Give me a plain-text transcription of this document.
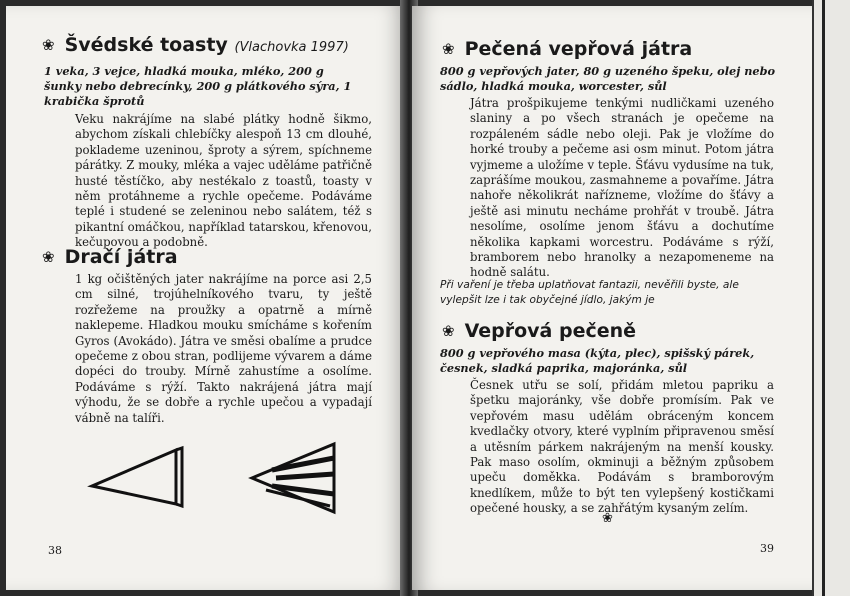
❀ Švédské toasty (Vlachovka 1997)
1 veka, 3 vejce, hladká mouka, mléko, 200 g šunky nebo debrecínky, 200 g plátkového sýra, 1 krabička šprotů
Veku nakrájíme na slabé plátky hodně šikmo, abychom získali chlebíčky alespoň 13 cm dlouhé, poklademe uzeninou, šproty a sýrem, spíchneme párátky. Z mouky, mléka a vajec uděláme patřičně husté těstíčko, aby nestékalo z toastů, toasty v něm protáhneme a rychle opečeme. Podáváme teplé i studené se zeleninou nebo salátem, též s pikantní omáčkou, například tatarskou, křenovou, kečupovou a podobně.
❀ Dračí játra
1 kg očištěných jater nakrájíme na porce asi 2,5 cm silné, trojúhelníkového tvaru, ty ještě rozřežeme na proužky a opatrně a mírně naklepeme. Hladkou mouku smícháme s kořením Gyros (Avokádo). Játra ve směsi obalíme a prudce opečeme z obou stran, podlijeme vývarem a dáme dopéci do trouby. Mírně zahustíme a osolíme. Podáváme s rýží. Takto nakrájená játra mají výhodu, že se dobře a rychle upečou a vypadají vábně na talíři.
38
❀ Pečená vepřová játra
800 g vepřových jater, 80 g uzeného špeku, olej nebo sádlo, hladká mouka, worcester, sůl
Játra prošpikujeme tenkými nudličkami uzeného slaniny a po všech stranách je opečeme na rozpáleném sádle nebo oleji. Pak je vložíme do horké trouby a pečeme asi osm minut. Potom játra vyjmeme a uložíme v teple. Šťávu vydusíme na tuk, zaprášíme moukou, zasmahneme a povaříme. Játra nahoře několikrát nařízneme, vložíme do šťávy a ještě asi minutu necháme prohřát v troubě. Játra nesolíme, osolíme jenom šťávu a dochutíme několika kapkami worcestru. Podáváme s rýží, bramborem nebo hranolky a nezapomeneme na hodně salátu.
Při vaření je třeba uplatňovat fantazii, nevěřili byste, ale vylepšit lze i tak obyčejné jídlo, jakým je
❀ Vepřová pečeně
800 g vepřového masa (kýta, plec), spišský párek, česnek, sladká paprika, majoránka, sůl
Česnek utřu se solí, přidám mletou papriku a špetku majoránky, vše dobře promísím. Pak ve vepřovém masu udělám obráceným koncem kvedlačky otvory, které vyplním připravenou směsí a utěsním párkem nakrájeným na menší kousky. Pak maso osolím, okminuji a běžným způsobem upeču doměkka. Podávám s bramborovým knedlíkem, může to být ten vylepšený kostičkami opečené housky, a se zahřátým kysaným zelím.
❀
39
